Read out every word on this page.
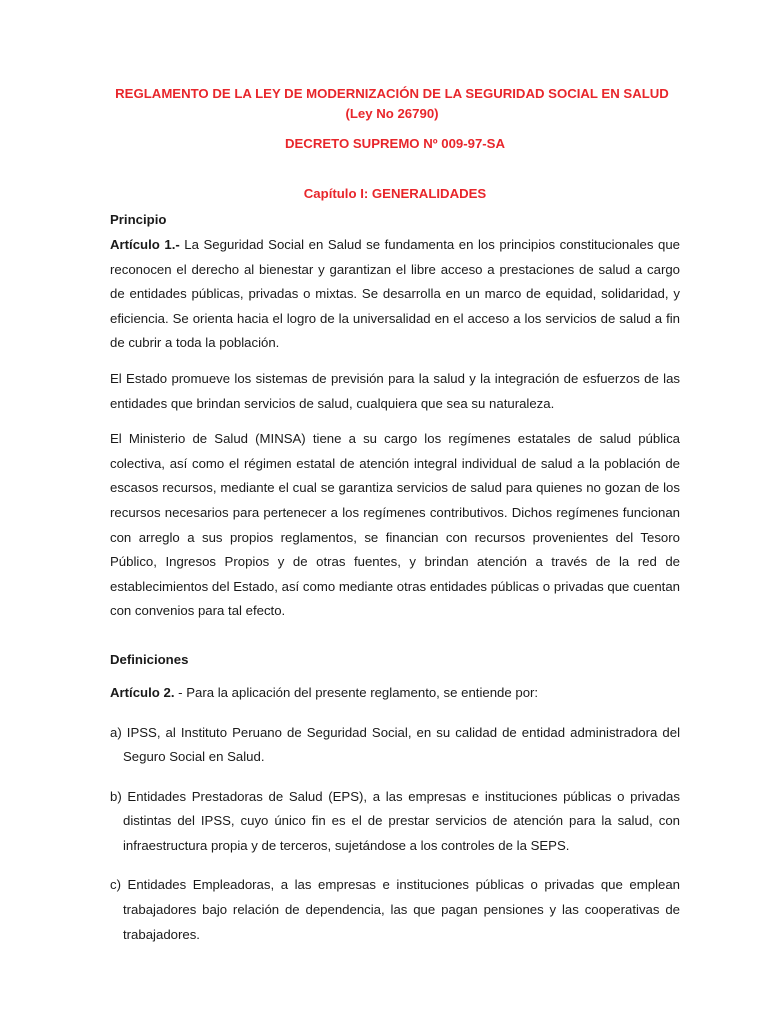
REGLAMENTO DE LA LEY DE MODERNIZACIÓN DE LA SEGURIDAD SOCIAL EN SALUD (Ley No 26790)

DECRETO SUPREMO Nº 009-97-SA

Capítulo I: GENERALIDADES

Principio

Artículo 1.- La Seguridad Social en Salud se fundamenta en los principios constitucionales que reconocen el derecho al bienestar y garantizan el libre acceso a prestaciones de salud a cargo de entidades públicas, privadas o mixtas. Se desarrolla en un marco de equidad, solidaridad, y eficiencia. Se orienta hacia el logro de la universalidad en el acceso a los servicios de salud a fin de cubrir a toda la población.

El Estado promueve los sistemas de previsión para la salud y la integración de esfuerzos de las entidades que brindan servicios de salud, cualquiera que sea su naturaleza.

El Ministerio de Salud (MINSA) tiene a su cargo los regímenes estatales de salud pública colectiva, así como el régimen estatal de atención integral individual de salud a la población de escasos recursos, mediante el cual se garantiza servicios de salud para quienes no gozan de los recursos necesarios para pertenecer a los regímenes contributivos. Dichos regímenes funcionan con arreglo a sus propios reglamentos, se financian con recursos provenientes del Tesoro Público, Ingresos Propios y de otras fuentes, y brindan atención a través de la red de establecimientos del Estado, así como mediante otras entidades públicas o privadas que cuentan con convenios para tal efecto.

Definiciones

Artículo 2. - Para la aplicación del presente reglamento, se entiende por:

a) IPSS, al Instituto Peruano de Seguridad Social, en su calidad de entidad administradora del Seguro Social en Salud.

b) Entidades Prestadoras de Salud (EPS), a las empresas e instituciones públicas o privadas distintas del IPSS, cuyo único fin es el de prestar servicios de atención para la salud, con infraestructura propia y de terceros, sujetándose a los controles de la SEPS.

c) Entidades Empleadoras, a las empresas e instituciones públicas o privadas que emplean trabajadores bajo relación de dependencia, las que pagan pensiones y las cooperativas de trabajadores.
